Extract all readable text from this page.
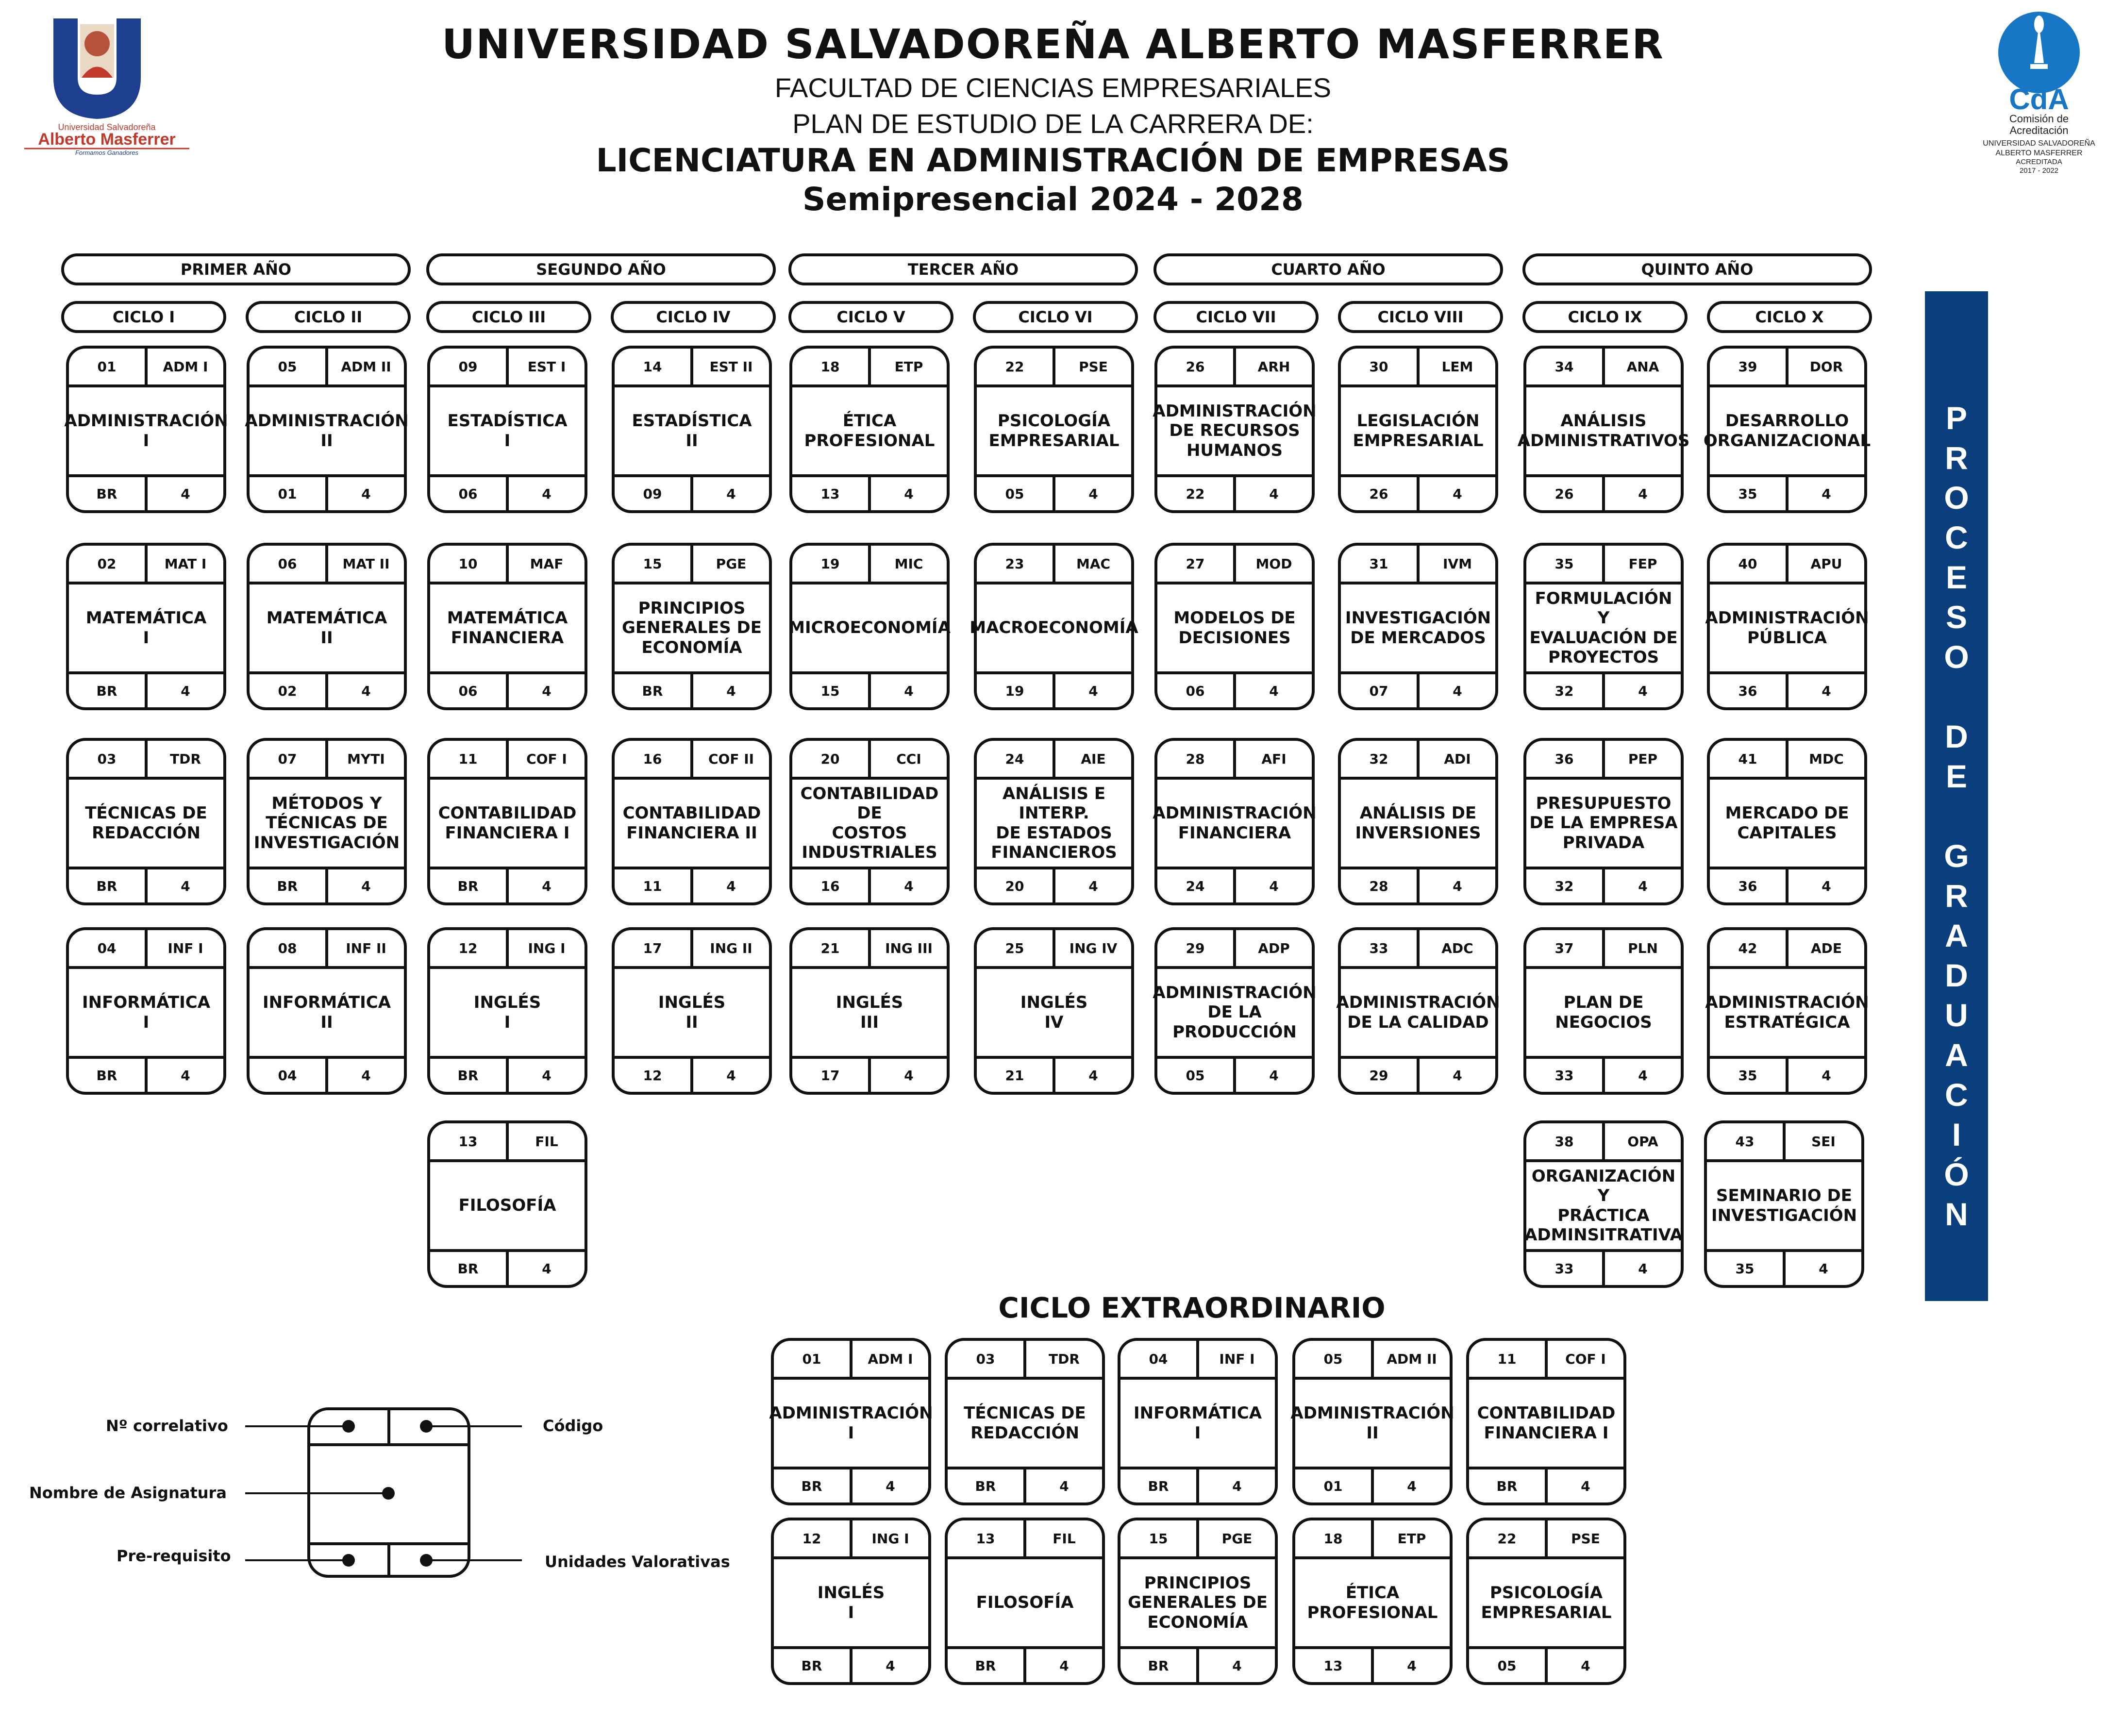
Universidad Salvadoreña
Alberto Masferrer
Formamos Ganadores
CdA
Comisión de
Acreditación
UNIVERSIDAD SALVADOREÑA
ALBERTO MASFERRER
ACREDITADA
2017 - 2022
UNIVERSIDAD SALVADOREÑA ALBERTO MASFERRER
FACULTAD DE CIENCIAS EMPRESARIALES
PLAN DE ESTUDIO DE LA CARRERA DE:
LICENCIATURA EN ADMINISTRACIÓN DE EMPRESAS
Semipresencial 2024 - 2028
PRIMER AÑO	SEGUNDO AÑO	TERCER AÑO	CUARTO AÑO	QUINTO AÑO
CICLO I	CICLO II	CICLO III	CICLO IV	CICLO V	CICLO VI	CICLO VII	CICLO VIII	CICLO IX	CICLO X
01	ADM I
ADMINISTRACIÓN
I
BR	4
05	ADM II
ADMINISTRACIÓN
II
01	4
09	EST I
ESTADÍSTICA
I
06	4
14	EST II
ESTADÍSTICA
II
09	4
18	ETP
ÉTICA
PROFESIONAL
13	4
22	PSE
PSICOLOGÍA
EMPRESARIAL
05	4
26	ARH
ADMINISTRACIÓN
DE RECURSOS
HUMANOS
22	4
30	LEM
LEGISLACIÓN
EMPRESARIAL
26	4
34	ANA
ANÁLISIS
ADMINISTRATIVOS
26	4
39	DOR
DESARROLLO
ORGANIZACIONAL
35	4
02	MAT I
MATEMÁTICA
I
BR	4
06	MAT II
MATEMÁTICA
II
02	4
10	MAF
MATEMÁTICA
FINANCIERA
06	4
15	PGE
PRINCIPIOS
GENERALES DE
ECONOMÍA
BR	4
19	MIC
MICROECONOMÍA
15	4
23	MAC
MACROECONOMÍA
19	4
27	MOD
MODELOS DE
DECISIONES
06	4
31	IVM
INVESTIGACIÓN
DE MERCADOS
07	4
35	FEP
FORMULACIÓN Y
EVALUACIÓN DE
PROYECTOS
32	4
40	APU
ADMINISTRACIÓN
PÚBLICA
36	4
03	TDR
TÉCNICAS DE
REDACCIÓN
BR	4
07	MYTI
MÉTODOS Y
TÉCNICAS DE
INVESTIGACIÓN
BR	4
11	COF I
CONTABILIDAD
FINANCIERA I
BR	4
16	COF II
CONTABILIDAD
FINANCIERA II
11	4
20	CCI
CONTABILIDAD DE
COSTOS
INDUSTRIALES
16	4
24	AIE
ANÁLISIS E INTERP.
DE ESTADOS
FINANCIEROS
20	4
28	AFI
ADMINISTRACIÓN
FINANCIERA
24	4
32	ADI
ANÁLISIS DE
INVERSIONES
28	4
36	PEP
PRESUPUESTO
DE LA EMPRESA
PRIVADA
32	4
41	MDC
MERCADO DE
CAPITALES
36	4
04	INF I
INFORMÁTICA
I
BR	4
08	INF II
INFORMÁTICA
II
04	4
12	ING I
INGLÉS
I
BR	4
17	ING II
INGLÉS
II
12	4
21	ING III
INGLÉS
III
17	4
25	ING IV
INGLÉS
IV
21	4
29	ADP
ADMINISTRACIÓN
DE LA
PRODUCCIÓN
05	4
33	ADC
ADMINISTRACIÓN
DE LA CALIDAD
29	4
37	PLN
PLAN DE
NEGOCIOS
33	4
42	ADE
ADMINISTRACIÓN
ESTRATÉGICA
35	4
13	FIL
FILOSOFÍA
BR	4
38	OPA
ORGANIZACIÓN Y
PRÁCTICA
ADMINSITRATIVA
33	4
43	SEI
SEMINARIO DE
INVESTIGACIÓN
35	4
P
R
O
C
E
S
O

D
E

G
R
A
D
U
A
C
I
Ó
N
CICLO EXTRAORDINARIO
01	ADM I
ADMINISTRACIÓN
I
BR	4
03	TDR
TÉCNICAS DE
REDACCIÓN
BR	4
04	INF I
INFORMÁTICA
I
BR	4
05	ADM II
ADMINISTRACIÓN
II
01	4
11	COF I
CONTABILIDAD
FINANCIERA I
BR	4
12	ING I
INGLÉS
I
BR	4
13	FIL
FILOSOFÍA
BR	4
15	PGE
PRINCIPIOS
GENERALES DE
ECONOMÍA
BR	4
18	ETP
ÉTICA
PROFESIONAL
13	4
22	PSE
PSICOLOGÍA
EMPRESARIAL
05	4
Nº correlativo	Código
Nombre de Asignatura
Pre-requisito	Unidades Valorativas
